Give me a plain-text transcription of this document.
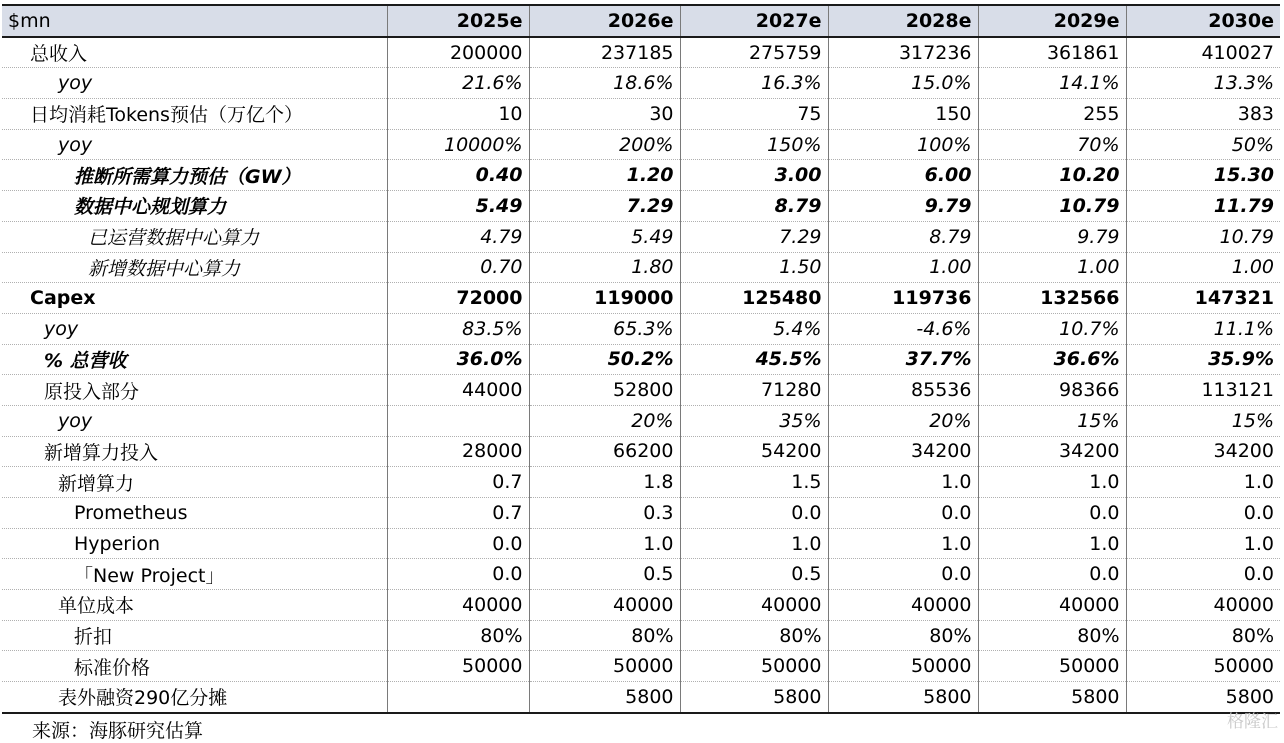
$mn	2025e	2026e	2027e	2028e	2029e	2030e
总收入	200000	237185	275759	317236	361861	410027
yoy	21.6%	18.6%	16.3%	15.0%	14.1%	13.3%
日均消耗Tokens预估（万亿个）	10	30	75	150	255	383
yoy	10000%	200%	150%	100%	70%	50%
推断所需算力预估（GW）	0.40	1.20	3.00	6.00	10.20	15.30
数据中心规划算力	5.49	7.29	8.79	9.79	10.79	11.79
已运营数据中心算力	4.79	5.49	7.29	8.79	9.79	10.79
新增数据中心算力	0.70	1.80	1.50	1.00	1.00	1.00
Capex	72000	119000	125480	119736	132566	147321
yoy	83.5%	65.3%	5.4%	-4.6%	10.7%	11.1%
% 总营收	36.0%	50.2%	45.5%	37.7%	36.6%	35.9%
原投入部分	44000	52800	71280	85536	98366	113121
yoy		20%	35%	20%	15%	15%
新增算力投入	28000	66200	54200	34200	34200	34200
新增算力	0.7	1.8	1.5	1.0	1.0	1.0
Prometheus	0.7	0.3	0.0	0.0	0.0	0.0
Hyperion	0.0	1.0	1.0	1.0	1.0	1.0
「New Project」	0.0	0.5	0.5	0.0	0.0	0.0
单位成本	40000	40000	40000	40000	40000	40000
折扣	80%	80%	80%	80%	80%	80%
标准价格	50000	50000	50000	50000	50000	50000
表外融资290亿分摊		5800	5800	5800	5800	5800
来源：海豚研究估算	格隆汇
